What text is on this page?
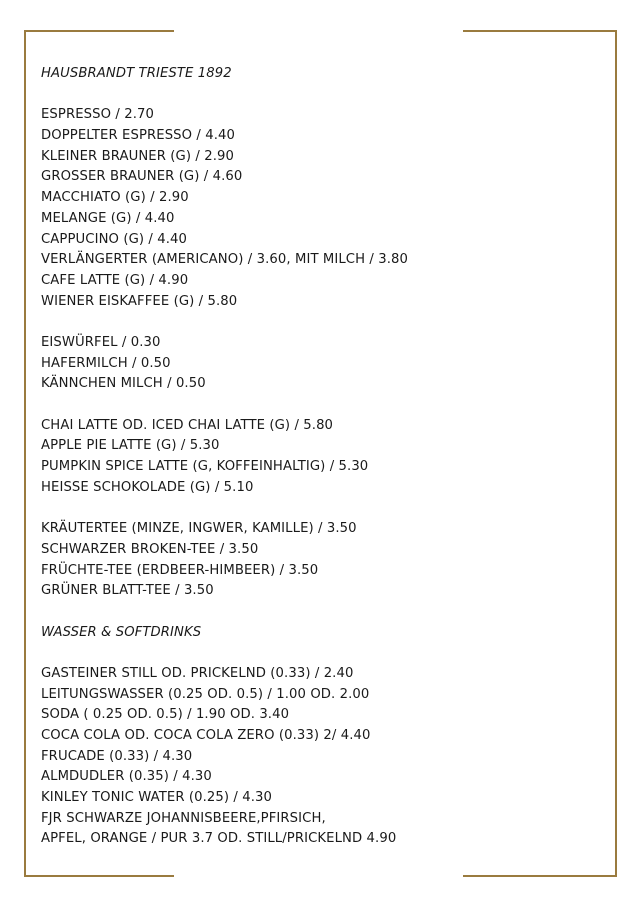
HAUSBRANDT TRIESTE 1892
ESPRESSO / 2.70
DOPPELTER ESPRESSO / 4.40
KLEINER BRAUNER (G) / 2.90
GROSSER BRAUNER (G) / 4.60
MACCHIATO (G) / 2.90
MELANGE (G) / 4.40
CAPPUCINO (G) / 4.40
VERLÄNGERTER (AMERICANO) / 3.60, MIT MILCH / 3.80
CAFE LATTE (G) / 4.90
WIENER EISKAFFEE (G) / 5.80
EISWÜRFEL / 0.30
HAFERMILCH / 0.50
KÄNNCHEN MILCH / 0.50
CHAI LATTE OD. ICED CHAI LATTE (G) / 5.80
APPLE PIE LATTE (G) / 5.30
PUMPKIN SPICE LATTE (G, KOFFEINHALTIG) / 5.30
HEISSE SCHOKOLADE (G) / 5.10
KRÄUTERTEE (MINZE, INGWER, KAMILLE) / 3.50
SCHWARZER BROKEN-TEE / 3.50
FRÜCHTE-TEE (ERDBEER-HIMBEER) / 3.50
GRÜNER BLATT-TEE / 3.50
WASSER & SOFTDRINKS
GASTEINER STILL OD. PRICKELND (0.33) / 2.40
LEITUNGSWASSER (0.25 OD. 0.5) / 1.00 OD. 2.00
SODA ( 0.25 OD. 0.5) / 1.90 OD. 3.40
COCA COLA OD. COCA COLA ZERO (0.33) 2/ 4.40
FRUCADE (0.33) / 4.30
ALMDUDLER (0.35) / 4.30
KINLEY TONIC WATER (0.25) / 4.30
FJR SCHWARZE JOHANNISBEERE,PFIRSICH,
APFEL, ORANGE / PUR 3.7 OD. STILL/PRICKELND 4.90
